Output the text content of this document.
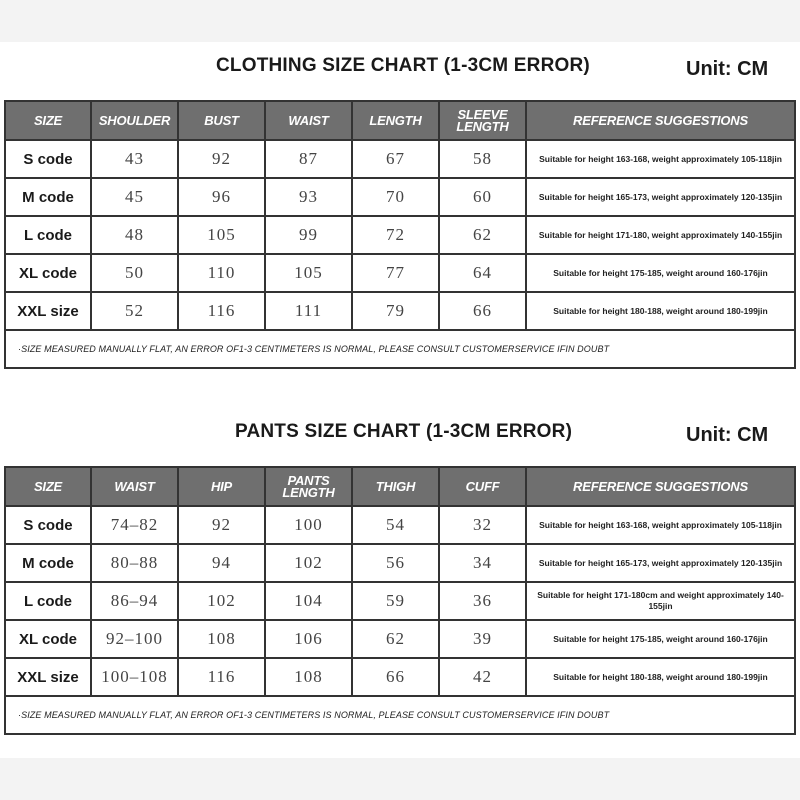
CLOTHING SIZE CHART (1-3CM ERROR)	Unit: CM
SIZE	SHOULDER	BUST	WAIST	LENGTH	SLEEVE LENGTH	REFERENCE SUGGESTIONS
S code	43	92	87	67	58	Suitable for height 163-168, weight approximately 105-118jin
M code	45	96	93	70	60	Suitable for height 165-173, weight approximately 120-135jin
L code	48	105	99	72	62	Suitable for height 171-180, weight approximately 140-155jin
XL code	50	110	105	77	64	Suitable for height 175-185, weight around 160-176jin
XXL size	52	116	111	79	66	Suitable for height 180-188, weight around 180-199jin
·SIZE MEASURED MANUALLY FLAT, AN ERROR OF1-3 CENTIMETERS IS NORMAL, PLEASE CONSULT CUSTOMERSERVICE IFIN DOUBT						
PANTS SIZE CHART (1-3CM ERROR)	Unit: CM
SIZE	WAIST	HIP	PANTS LENGTH	THIGH	CUFF	REFERENCE SUGGESTIONS
S code	74–82	92	100	54	32	Suitable for height 163-168, weight approximately 105-118jin
M code	80–88	94	102	56	34	Suitable for height 165-173, weight approximately 120-135jin
L code	86–94	102	104	59	36	Suitable for height 171-180cm and weight approximately 140-155jin
XL code	92–100	108	106	62	39	Suitable for height 175-185, weight around 160-176jin
XXL size	100–108	116	108	66	42	Suitable for height 180-188, weight around 180-199jin
·SIZE MEASURED MANUALLY FLAT, AN ERROR OF1-3 CENTIMETERS IS NORMAL, PLEASE CONSULT CUSTOMERSERVICE IFIN DOUBT						
